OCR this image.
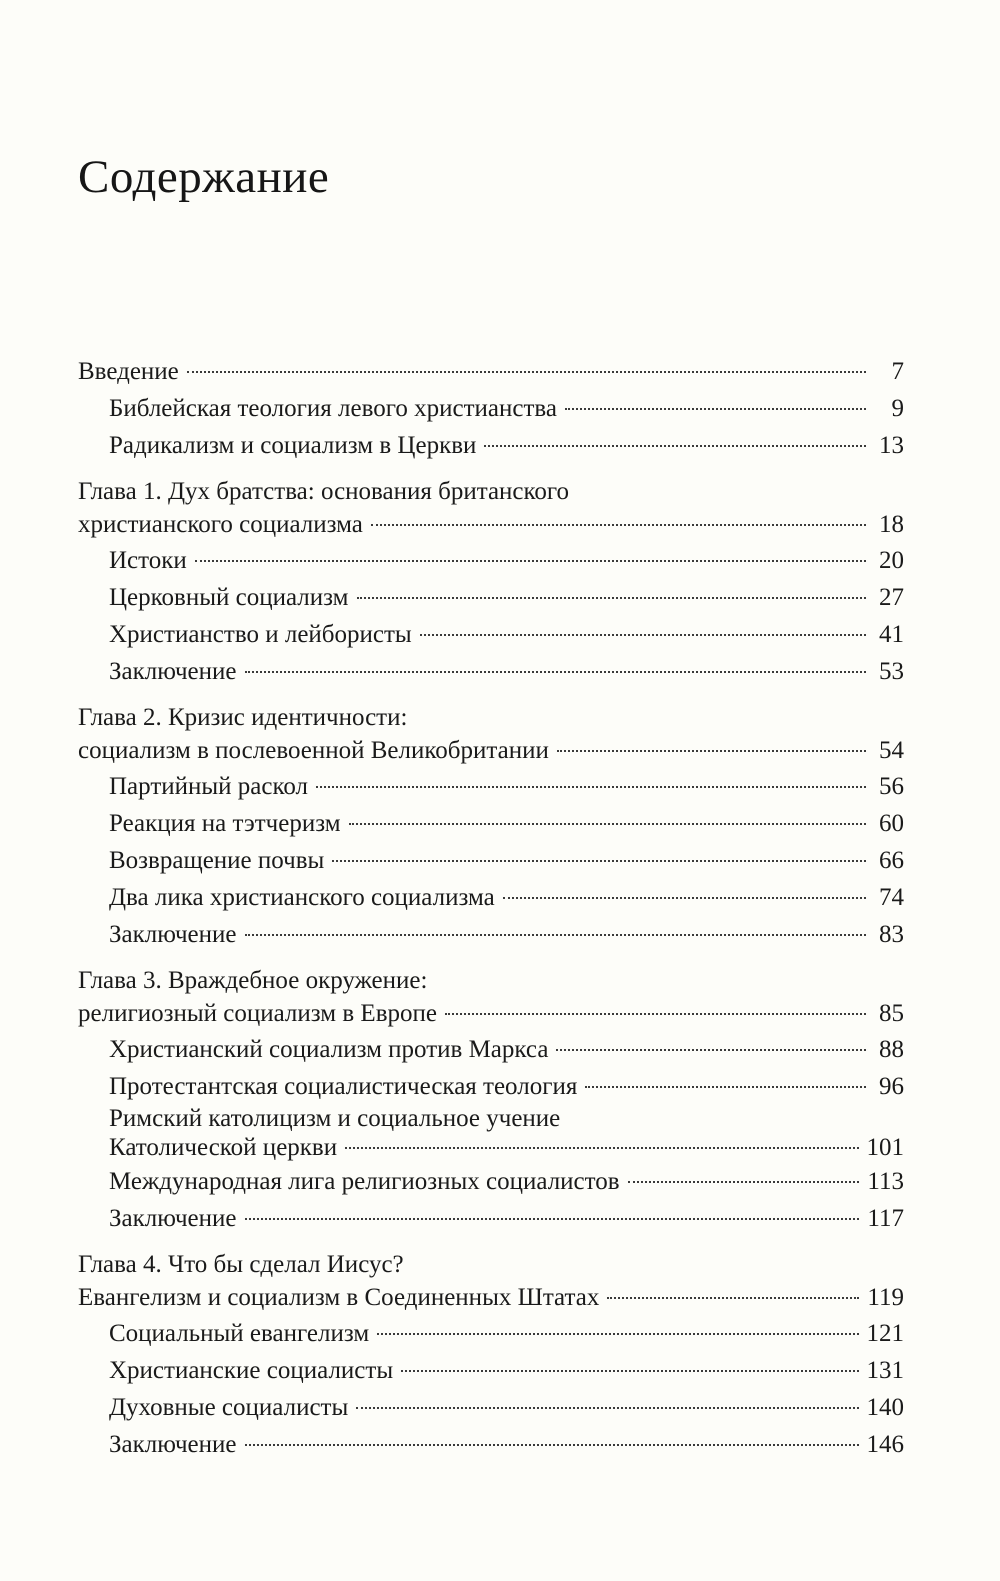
Содержание
Введение	7
Библейская теология левого христианства	9
Радикализм и социализм в Церкви	13
Глава 1. Дух братства: основания британского
христианского социализма	18
Истоки	20
Церковный социализм	27
Христианство и лейбористы	41
Заключение	53
Глава 2. Кризис идентичности:
социализм в послевоенной Великобритании	54
Партийный раскол	56
Реакция на тэтчеризм	60
Возвращение почвы	66
Два лика христианского социализма	74
Заключение	83
Глава 3. Враждебное окружение:
религиозный социализм в Европе	85
Христианский социализм против Маркса	88
Протестантская социалистическая теология	96
Римский католицизм и социальное учение
Католической церкви	101
Международная лига религиозных социалистов	113
Заключение	117
Глава 4. Что бы сделал Иисус?
Евангелизм и социализм в Соединенных Штатах	119
Социальный евангелизм	121
Христианские социалисты	131
Духовные социалисты	140
Заключение	146
